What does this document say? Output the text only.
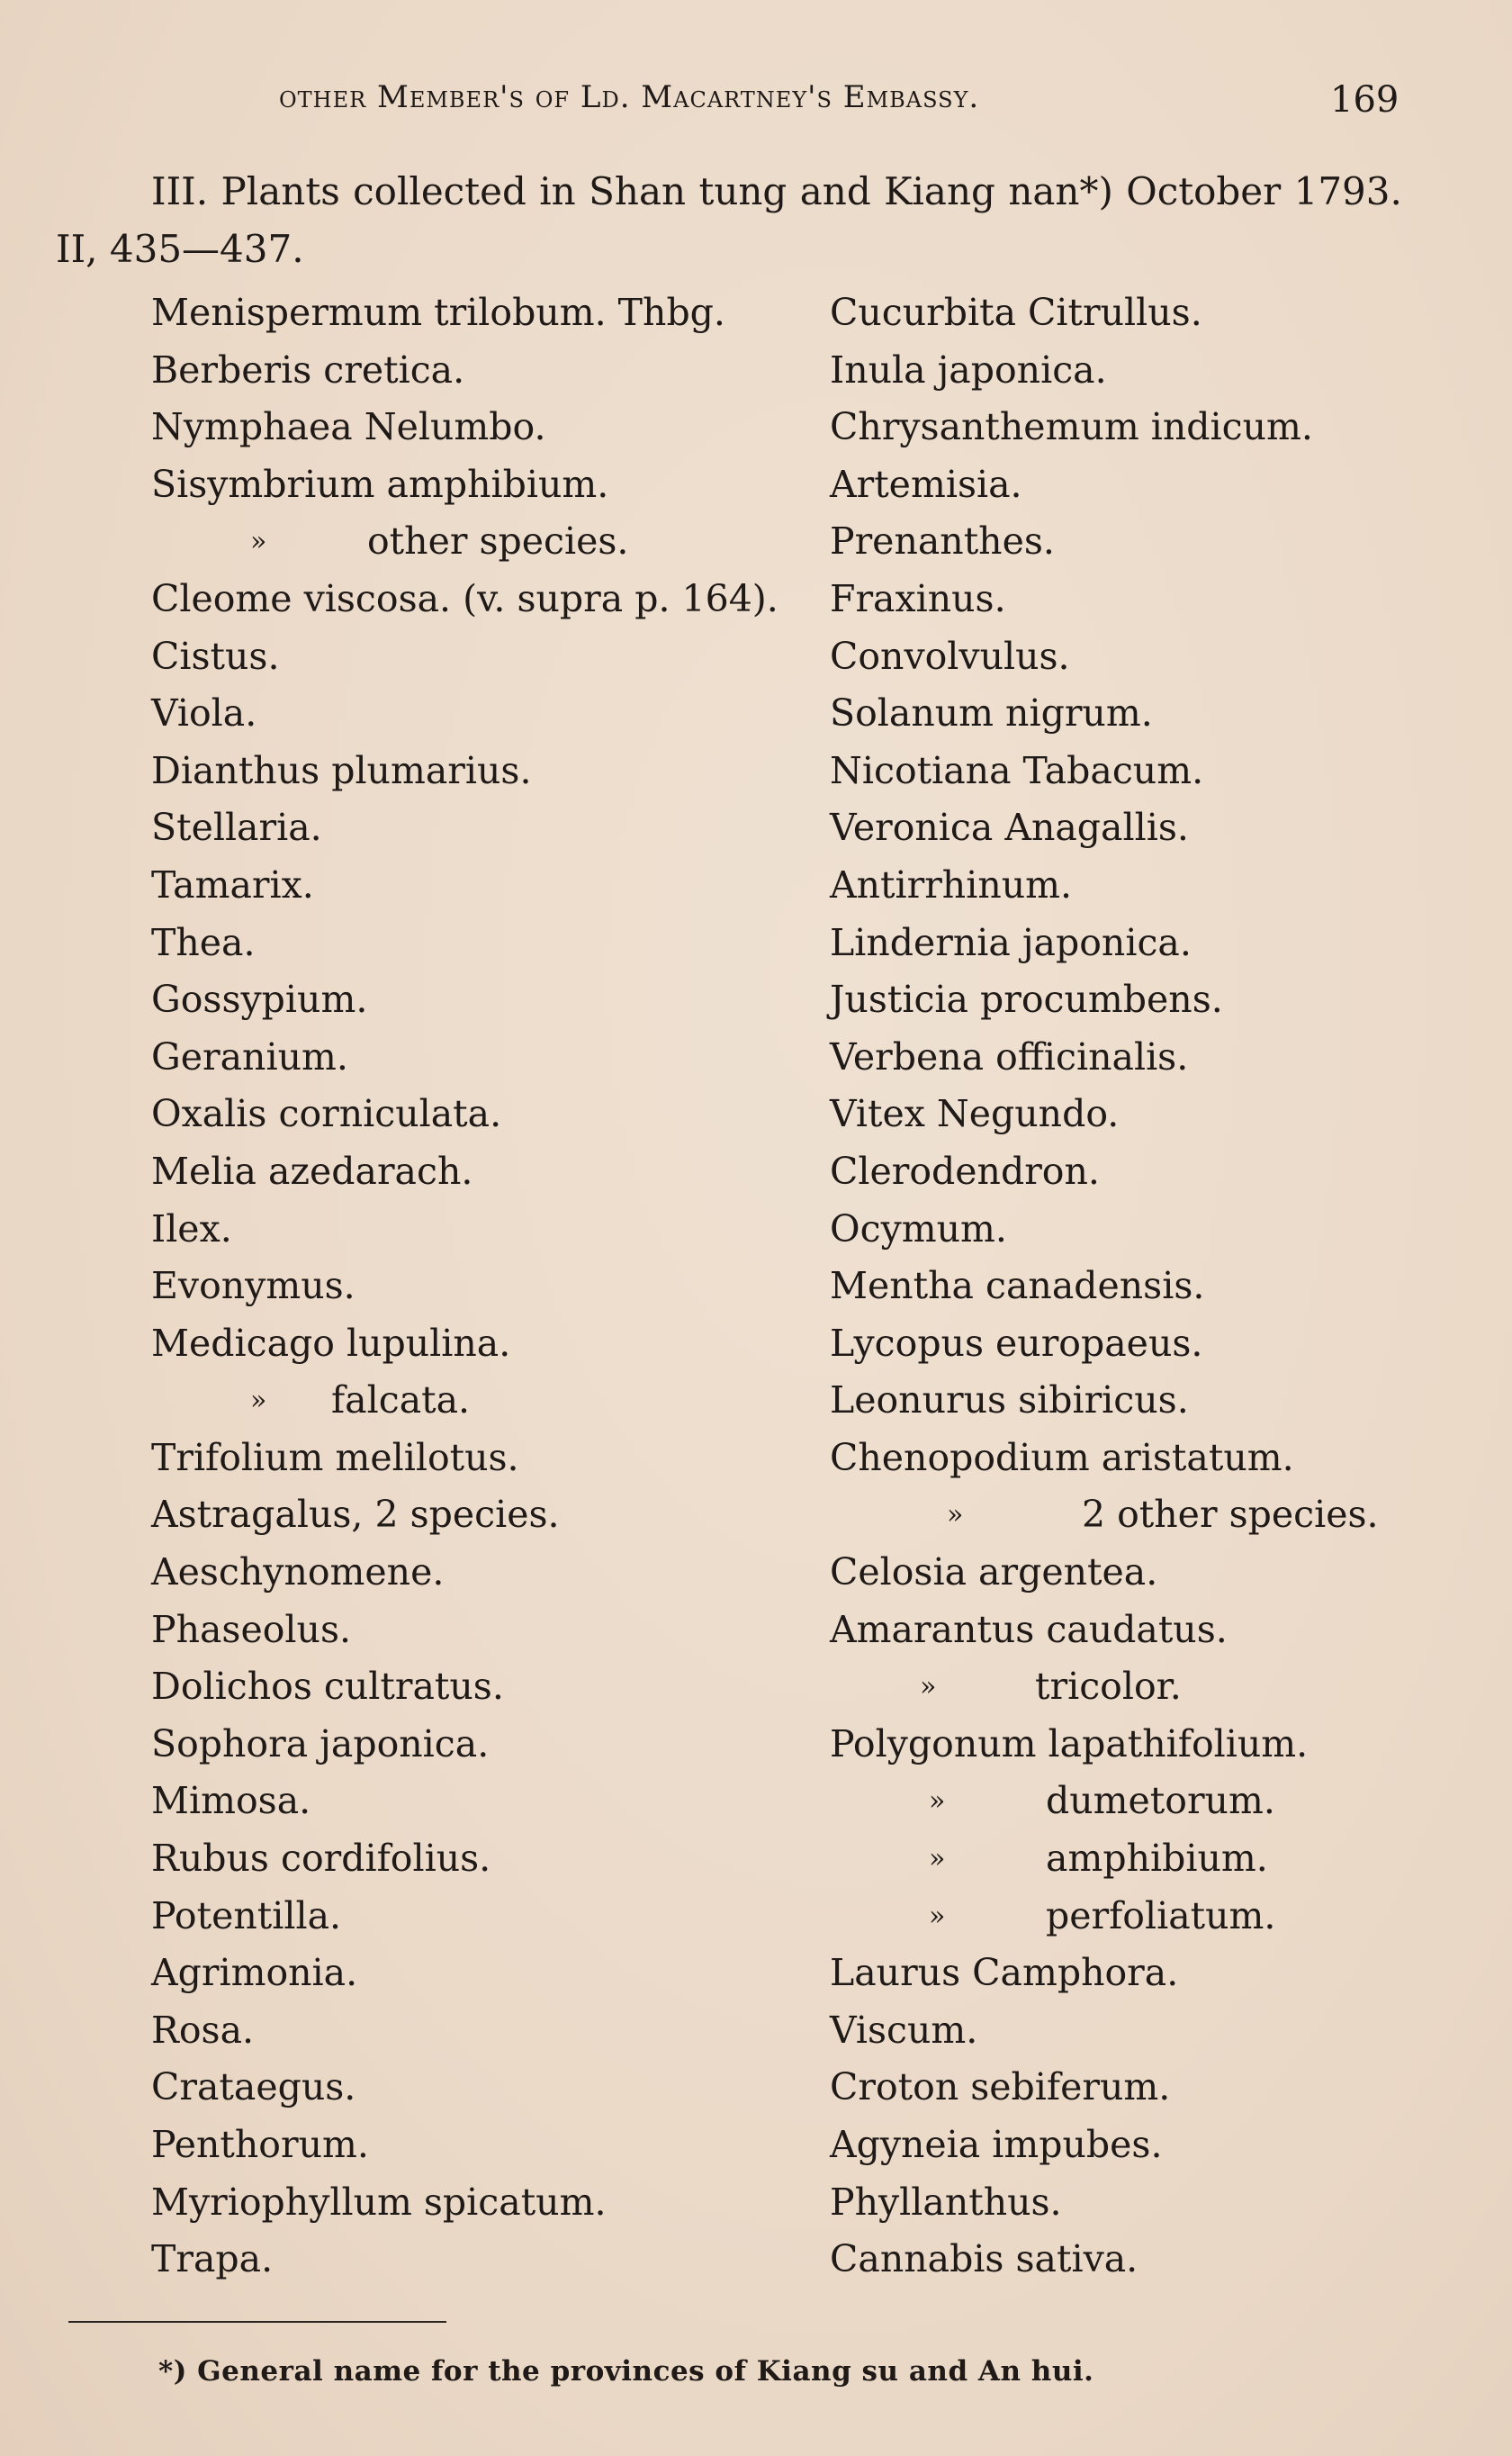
other Member's of Ld. Macartney's Embassy.	169
III. Plants collected in Shan tung and Kiang nan*) October 1793.
II, 435—437.
Menispermum trilobum. Thbg.
Berberis cretica.
Nymphaea Nelumbo.
Sisymbrium amphibium.
»	other species.
Cleome viscosa. (v. supra p. 164).
Cistus.
Viola.
Dianthus plumarius.
Stellaria.
Tamarix.
Thea.
Gossypium.
Geranium.
Oxalis corniculata.
Melia azedarach.
Ilex.
Evonymus.
Medicago lupulina.
» falcata.
Trifolium melilotus.
Astragalus, 2 species.
Aeschynomene.
Phaseolus.
Dolichos cultratus.
Sophora japonica.
Mimosa.
Rubus cordifolius.
Potentilla.
Agrimonia.
Rosa.
Crataegus.
Penthorum.
Myriophyllum spicatum.
Trapa.
Cucurbita Citrullus.
Inula japonica.
Chrysanthemum indicum.
Artemisia.
Prenanthes.
Fraxinus.
Convolvulus.
Solanum nigrum.
Nicotiana Tabacum.
Veronica Anagallis.
Antirrhinum.
Lindernia japonica.
Justicia procumbens.
Verbena officinalis.
Vitex Negundo.
Clerodendron.
Ocymum.
Mentha canadensis.
Lycopus europaeus.
Leonurus sibiricus.
Chenopodium aristatum.
»	2 other species.
Celosia argentea.
Amarantus caudatus.
»	tricolor.
Polygonum lapathifolium.
»	dumetorum.
»	amphibium.
»	perfoliatum.
Laurus Camphora.
Viscum.
Croton sebiferum.
Agyneia impubes.
Phyllanthus.
Cannabis sativa.
*) General name for the provinces of Kiang su and An hui.
